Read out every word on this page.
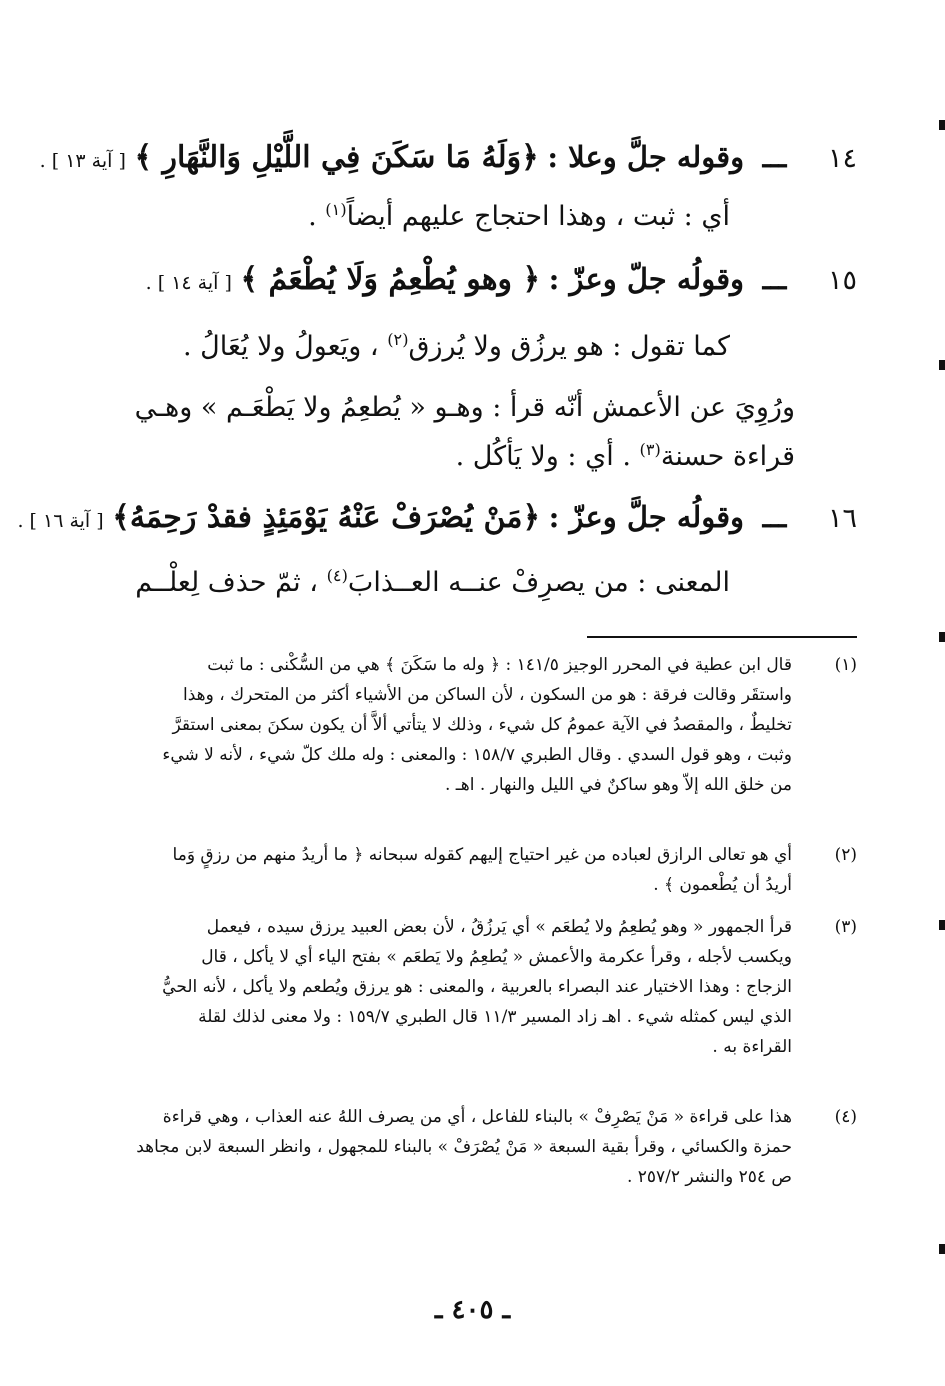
١٤ ـــ وقوله جلَّ وعلا : ﴿وَلَهُ مَا سَكَنَ فِي اللَّيْلِ وَالنَّهَارِ ﴾ [ آية ١٣ ] .
أي : ثبت ، وهذا احتجاج عليهم أيضاً$^{(١)}$ .
١٥ ـــ وقولُه جلّ وعزّ : ﴿ وهو يُطْعِمُ وَلَا يُطْعَمُ ﴾ [ آية ١٤ ] .
كما تقول : هو يرزُق ولا يُرزق$^{(٢)}$ ، ويَعولُ ولا يُعَالُ .
ورُوِيَ عن الأعمش أنّه قرأ : وهـو « يُطعِمُ ولا يَطْعَـم » وهـي
قراءة حسنة$^{(٣)}$ . أي : ولا يَأكُل .
١٦ ـــ وقولُه جلَّ وعزّ : ﴿مَنْ يُصْرَفْ عَنْهُ يَوْمَئِذٍ فقدْ رَحِمَهُ﴾ [ آية ١٦ ] .
المعنى : من يصرِفْ عنــه العــذابَ$^{(٤)}$ ، ثمّ حذف لِعلْــم
(١)
قال ابن عطية في المحرر الوجيز ١٤١/٥ : ﴿ وله ما سَكَنَ ﴾ هي من السُّكْنى : ما ثبت
واستقَر وقالت فرقة : هو من السكون ، لأن الساكن من الأشياء أكثر من المتحرك ، وهذا
تخليطٌ ، والمقصدُ في الآية عمومُ كل شيء ، وذلك لا يتأتي ألاَّ أن يكون سكنَ بمعنى استقرَّ
وثبت ، وهو قول السدي . وقال الطبري ١٥٨/٧ : والمعنى : وله ملك كلّ شيء ، لأنه لا شيء
من خلق الله إلاّ وهو ساكنٌ في الليل والنهار . اهـ .
(٢)
أي هو تعالى الرازق لعباده من غير احتياج إليهم كقوله سبحانه ﴿ ما أريدُ منهم من رزقٍ وَما
أريدُ أن يُطْعمون ﴾ .
(٣)
قرأ الجمهور « وهو يُطعِمُ ولا يُطعَم » أي يَرزُقُ ، لأن بعض العبيد يرزق سيده ، فيعمل
ويكسب لأجله ، وقرأ عكرمة والأعمش « يُطعِمُ ولا يَطعَم » بفتح الياء أي لا يأكل ، قال
الزجاج : وهذا الاختيار عند البصراء بالعربية ، والمعنى : هو يرزق ويُطعم ولا يأكل ، لأنه الحيُّ
الذي ليس كمثله شيء . اهـ زاد المسير ١١/٣ قال الطبري ١٥٩/٧ : ولا معنى لذلك لقلة
القراءة به .
(٤)
هذا على قراءة « مَنْ يَصْرِفْ » بالبناء للفاعل ، أي من يصرف اللهُ عنه العذاب ، وهي قراءة
حمزة والكسائي ، وقرأ بقية السبعة « مَنْ يُصْرَفْ » بالبناء للمجهول ، وانظر السبعة لابن مجاهد
ص ٢٥٤ والنشر ٢٥٧/٢ .
ـ ٤٠٥ ـ
